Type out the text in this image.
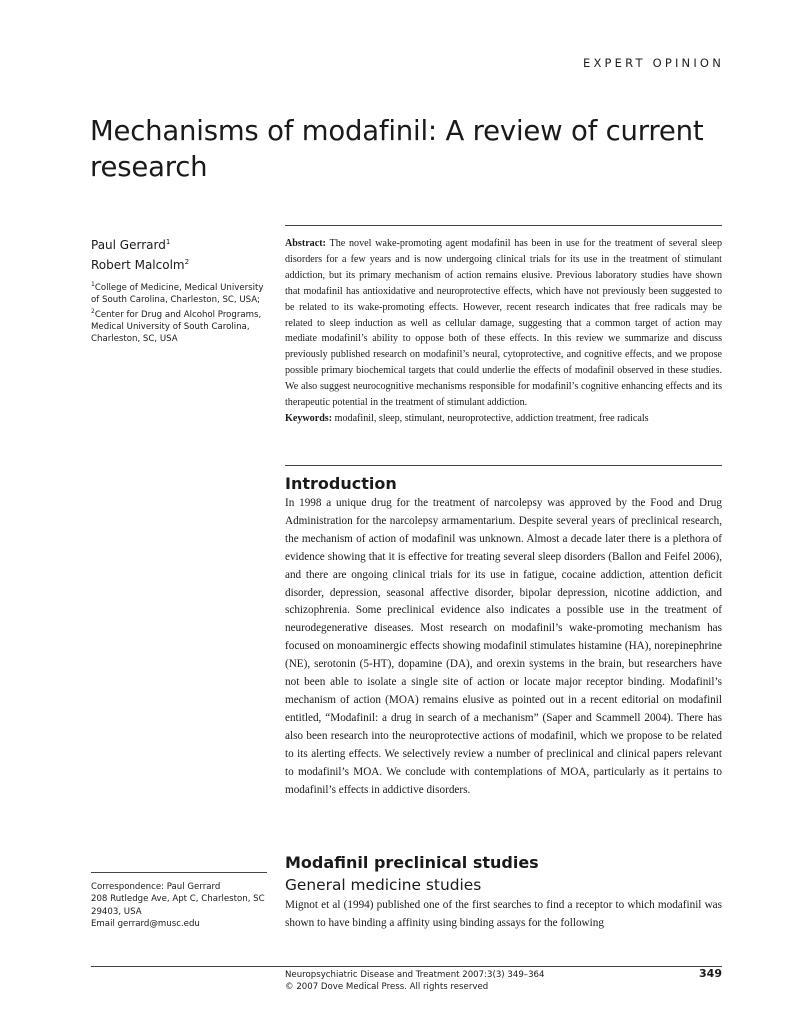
EXPERT OPINION
Mechanisms of modafinil: A review of current research
Paul Gerrard$^1$
Robert Malcolm$^2$
$^1$College of Medicine, Medical University of South Carolina, Charleston, SC, USA; $^2$Center for Drug and Alcohol Programs, Medical University of South Carolina, Charleston, SC, USA
Abstract: The novel wake-promoting agent modafinil has been in use for the treatment of several sleep disorders for a few years and is now undergoing clinical trials for its use in the treatment of stimulant addiction, but its primary mechanism of action remains elusive. Previous laboratory studies have shown that modafinil has antioxidative and neuroprotective effects, which have not previously been suggested to be related to its wake-promoting effects. However, recent research indicates that free radicals may be related to sleep induction as well as cellular damage, suggesting that a common target of action may mediate modafinil’s ability to oppose both of these effects. In this review we summarize and discuss previously published research on modafinil’s neural, cytoprotective, and cognitive effects, and we propose possible primary biochemical targets that could underlie the effects of modafinil observed in these studies. We also suggest neurocognitive mechanisms responsible for modafinil’s cognitive enhancing effects and its therapeutic potential in the treatment of stimulant addiction.
Keywords: modafinil, sleep, stimulant, neuroprotective, addiction treatment, free radicals
Introduction

In 1998 a unique drug for the treatment of narcolepsy was approved by the Food and Drug Administration for the narcolepsy armamentarium. Despite several years of preclinical research, the mechanism of action of modafinil was unknown. Almost a decade later there is a plethora of evidence showing that it is effective for treating several sleep disorders (Ballon and Feifel 2006), and there are ongoing clinical trials for its use in fatigue, cocaine addiction, attention deficit disorder, depression, seasonal affective disorder, bipolar depression, nicotine addiction, and schizophrenia. Some preclinical evidence also indicates a possible use in the treatment of neurodegenerative diseases. Most research on modafinil’s wake-promoting mechanism has focused on monoaminergic effects showing modafinil stimulates histamine (HA), norepinephrine (NE), serotonin (5-HT), dopamine (DA), and orexin systems in the brain, but researchers have not been able to isolate a single site of action or locate major receptor binding. Modafinil’s mechanism of action (MOA) remains elusive as pointed out in a recent editorial on modafinil entitled, “Modafinil: a drug in search of a mechanism” (Saper and Scammell 2004). There has also been research into the neuroprotective actions of modafinil, which we propose to be related to its alerting effects. We selectively review a number of preclinical and clinical papers relevant to modafinil’s MOA. We conclude with contemplations of MOA, particularly as it pertains to modafinil’s effects in addictive disorders.

Modafinil preclinical studies
General medicine studies

Mignot et al (1994) published one of the first searches to find a receptor to which modafinil was shown to have binding a affinity using binding assays for the following

Correspondence: Paul Gerrard
208 Rutledge Ave, Apt C, Charleston, SC 29403, USA
Email gerrard@musc.edu
Neuropsychiatric Disease and Treatment 2007:3(3) 349–364
© 2007 Dove Medical Press. All rights reserved
349
